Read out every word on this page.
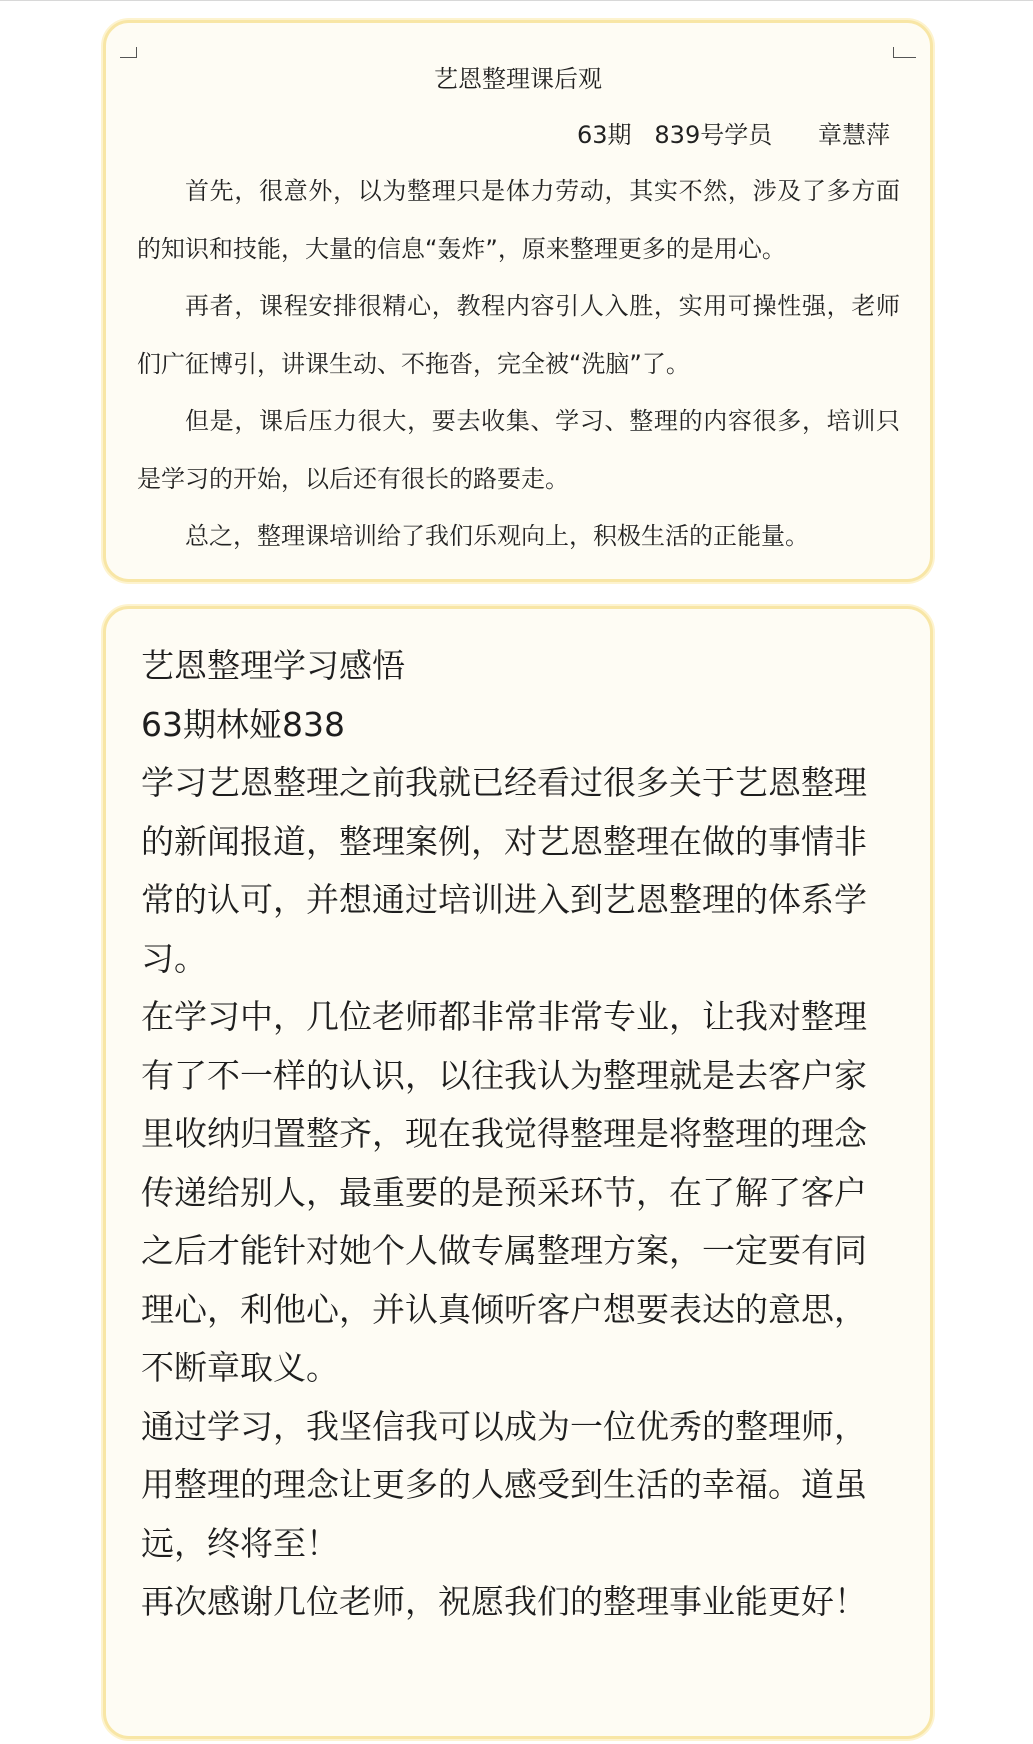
艺恩整理课后观
63期   839号学员      章慧萍

首先，很意外，以为整理只是体力劳动，其实不然，涉及了多方面的知识和技能，大量的信息“轰炸”，原来整理更多的是用心。

再者，课程安排很精心，教程内容引人入胜，实用可操性强，老师们广征博引，讲课生动、不拖沓，完全被“洗脑”了。

但是，课后压力很大，要去收集、学习、整理的内容很多，培训只是学习的开始，以后还有很长的路要走。

总之，整理课培训给了我们乐观向上，积极生活的正能量。

艺恩整理学习感悟

63期林娅838

学习艺恩整理之前我就已经看过很多关于艺恩整理的新闻报道，整理案例，对艺恩整理在做的事情非常的认可，并想通过培训进入到艺恩整理的体系学习。

在学习中，几位老师都非常非常专业，让我对整理有了不一样的认识，以往我认为整理就是去客户家里收纳归置整齐，现在我觉得整理是将整理的理念传递给别人，最重要的是预采环节，在了解了客户之后才能针对她个人做专属整理方案，一定要有同理心，利他心，并认真倾听客户想要表达的意思，不断章取义。

通过学习，我坚信我可以成为一位优秀的整理师，用整理的理念让更多的人感受到生活的幸福。道虽远，终将至！

再次感谢几位老师，祝愿我们的整理事业能更好！
